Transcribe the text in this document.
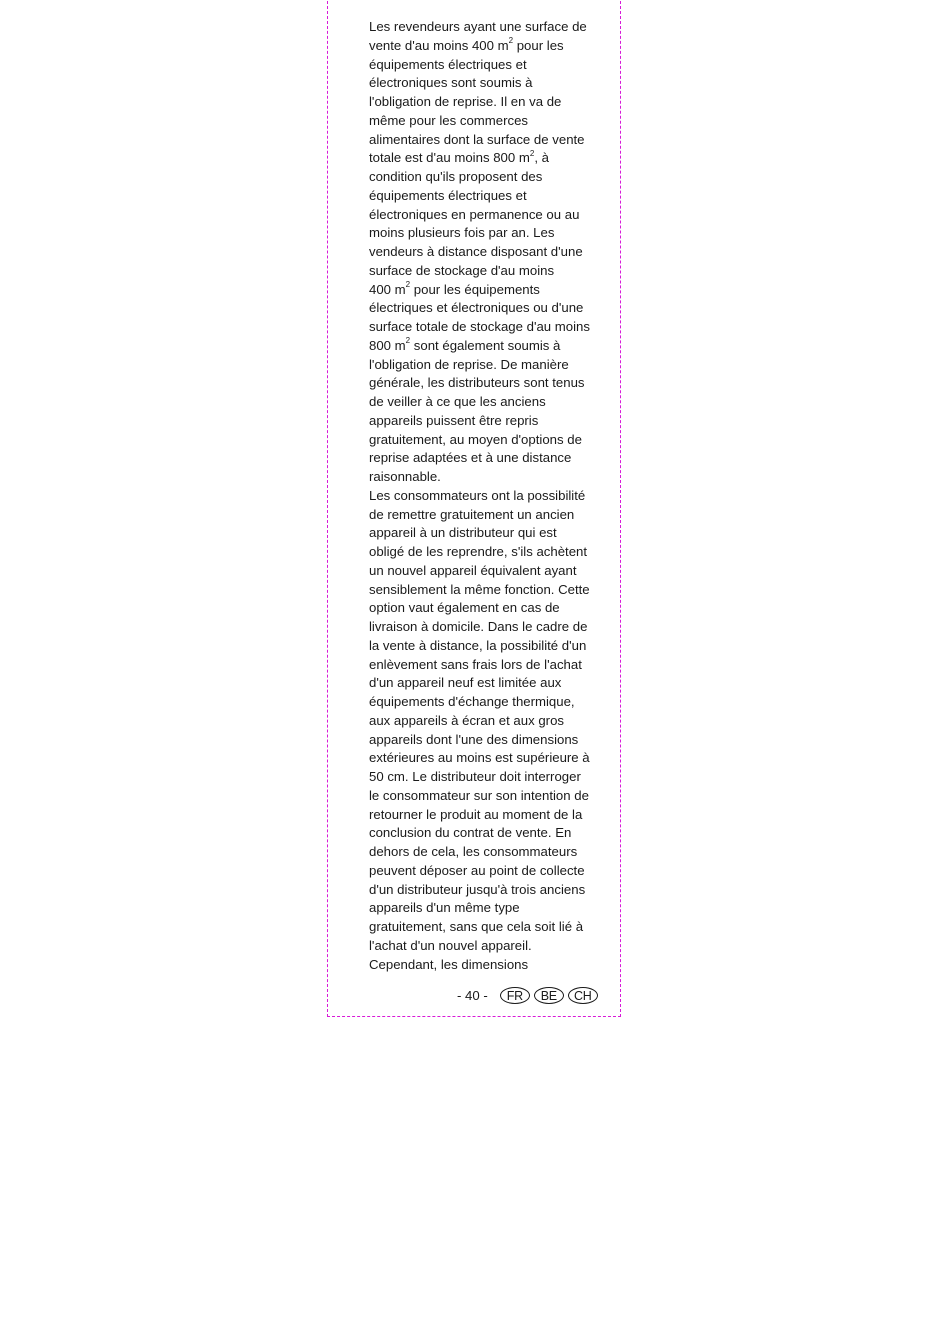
Les revendeurs ayant une surface de
vente d'au moins 400 $m^2$ pour les
équipements électriques et
électroniques sont soumis à
l'obligation de reprise. Il en va de
même pour les commerces
alimentaires dont la surface de vente
totale est d'au moins 800 $m^2$, à
condition qu'ils proposent des
équipements électriques et
électroniques en permanence ou au
moins plusieurs fois par an. Les
vendeurs à distance disposant d'une
surface de stockage d'au moins
400 $m^2$ pour les équipements
électriques et électroniques ou d'une
surface totale de stockage d'au moins
800 $m^2$ sont également soumis à
l'obligation de reprise. De manière
générale, les distributeurs sont tenus
de veiller à ce que les anciens
appareils puissent être repris
gratuitement, au moyen d'options de
reprise adaptées et à une distance
raisonnable.
Les consommateurs ont la possibilité
de remettre gratuitement un ancien
appareil à un distributeur qui est
obligé de les reprendre, s'ils achètent
un nouvel appareil équivalent ayant
sensiblement la même fonction. Cette
option vaut également en cas de
livraison à domicile. Dans le cadre de
la vente à distance, la possibilité d'un
enlèvement sans frais lors de l'achat
d'un appareil neuf est limitée aux
équipements d'échange thermique,
aux appareils à écran et aux gros
appareils dont l'une des dimensions
extérieures au moins est supérieure à
50 cm. Le distributeur doit interroger
le consommateur sur son intention de
retourner le produit au moment de la
conclusion du contrat de vente. En
dehors de cela, les consommateurs
peuvent déposer au point de collecte
d'un distributeur jusqu'à trois anciens
appareils d'un même type
gratuitement, sans que cela soit lié à
l'achat d'un nouvel appareil.
Cependant, les dimensions
- 40 -	FR	BE	CH
